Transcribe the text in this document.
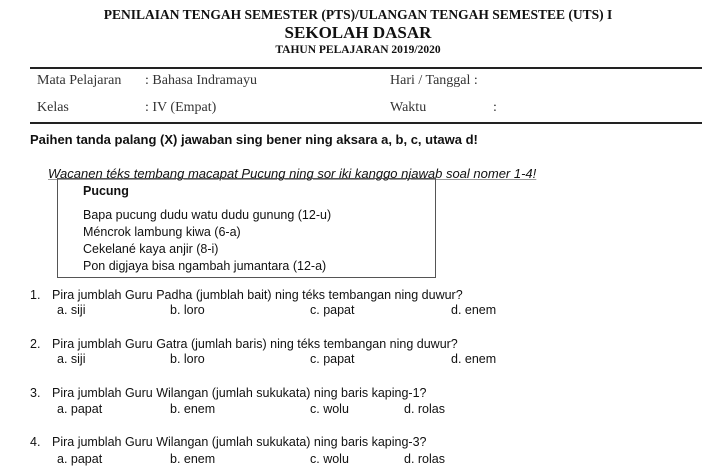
PENILAIAN TENGAH SEMESTER (PTS)/ULANGAN TENGAH SEMESTEE (UTS) I
SEKOLAH DASAR
TAHUN PELAJARAN 2019/2020
Mata Pelajaran : Bahasa Indramayu	Hari / Tanggal :
Kelas	: IV (Empat)	Waktu	:
Paihen tanda palang (X) jawaban sing bener ning aksara a, b, c, utawa d!
Wacanen téks tembang macapat Pucung ning sor iki kanggo njawab soal nomer 1-4!
Pucung
Bapa pucung dudu watu dudu gunung (12-u)
Méncrok lambung kiwa (6-a)
Cekelané kaya anjir (8-i)
Pon digjaya bisa ngambah jumantara (12-a)
1. Pira jumblah Guru Padha (jumblah bait) ning téks tembangan ning duwur?
a. siji	b. loro	c. papat	d. enem
2. Pira jumblah Guru Gatra (jumlah baris) ning téks tembangan ning duwur?
a. siji	b. loro	c. papat	d. enem
3. Pira jumblah Guru Wilangan (jumlah sukukata) ning baris kaping-1?
a. papat	b. enem	c. wolu	d. rolas
4. Pira jumblah Guru Wilangan (jumlah sukukata) ning baris kaping-3?
a. papat	b. enem	c. wolu	d. rolas
